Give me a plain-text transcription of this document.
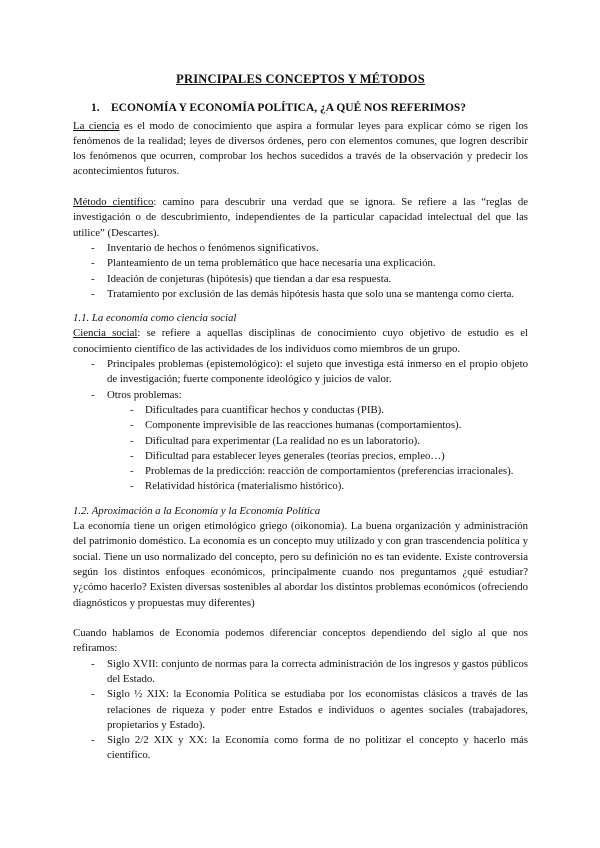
PRINCIPALES CONCEPTOS Y MÉTODOS
1. ECONOMÍA Y ECONOMÍA POLÍTICA, ¿A QUÉ NOS REFERIMOS?

La ciencia es el modo de conocimiento que aspira a formular leyes para explicar cómo se rigen los fenómenos de la realidad; leyes de diversos órdenes, pero con elementos comunes, que logren describir los fenómenos que ocurren, comprobar los hechos sucedidos a través de la observación y predecir los acontecimientos futuros.

Método científico: camino para descubrir una verdad que se ignora. Se refiere a las “reglas de investigación o de descubrimiento, independientes de la particular capacidad intelectual del que las utilice” (Descartes).

- Inventario de hechos o fenómenos significativos.
- Planteamiento de un tema problemático que hace necesaria una explicación.
- Ideación de conjeturas (hipótesis) que tiendan a dar esa respuesta.
- Tratamiento por exclusión de las demás hipótesis hasta que solo una se mantenga como cierta.
1.1. La economía como ciencia social

Ciencia social: se refiere a aquellas disciplinas de conocimiento cuyo objetivo de estudio es el conocimiento científico de las actividades de los individuos como miembros de un grupo.

- Principales problemas (epistemológico): el sujeto que investiga está inmerso en el propio objeto de investigación; fuerte componente ideológico y juicios de valor.
- Otros problemas:
- Dificultades para cuantificar hechos y conductas (PIB).
- Componente imprevisible de las reacciones humanas (comportamientos).
- Dificultad para experimentar (La realidad no es un laboratorio).
- Dificultad para establecer leyes generales (teorías precios, empleo…)
- Problemas de la predicción: reacción de comportamientos (preferencias irracionales).
- Relatividad histórica (materialismo histórico).
1.2. Aproximación a la Economía y la Economía Política

La economía tiene un origen etimológico griego (oikonomia). La buena organización y administración del patrimonio doméstico. La economía es un concepto muy utilizado y con gran trascendencia política y social. Tiene un uso normalizado del concepto, pero su definición no es tan evidente. Existe controversia según los distintos enfoques económicos, principalmente cuando nos preguntamos ¿qué estudiar? y¿cómo hacerlo? Existen diversas sostenibles al abordar los distintos problemas económicos (ofreciendo diagnósticos y propuestas muy diferentes)

Cuando hablamos de Economía podemos diferenciar conceptos dependiendo del siglo al que nos refiramos:

- Siglo XVII: conjunto de normas para la correcta administración de los ingresos y gastos públicos del Estado.
- Siglo ½ XIX: la Economía Política se estudiaba por los economistas clásicos a través de las relaciones de riqueza y poder entre Estados e individuos o agentes sociales (trabajadores, propietarios y Estado).
- Siglo 2/2 XIX y XX: la Economía como forma de no politizar el concepto y hacerlo más científico.
